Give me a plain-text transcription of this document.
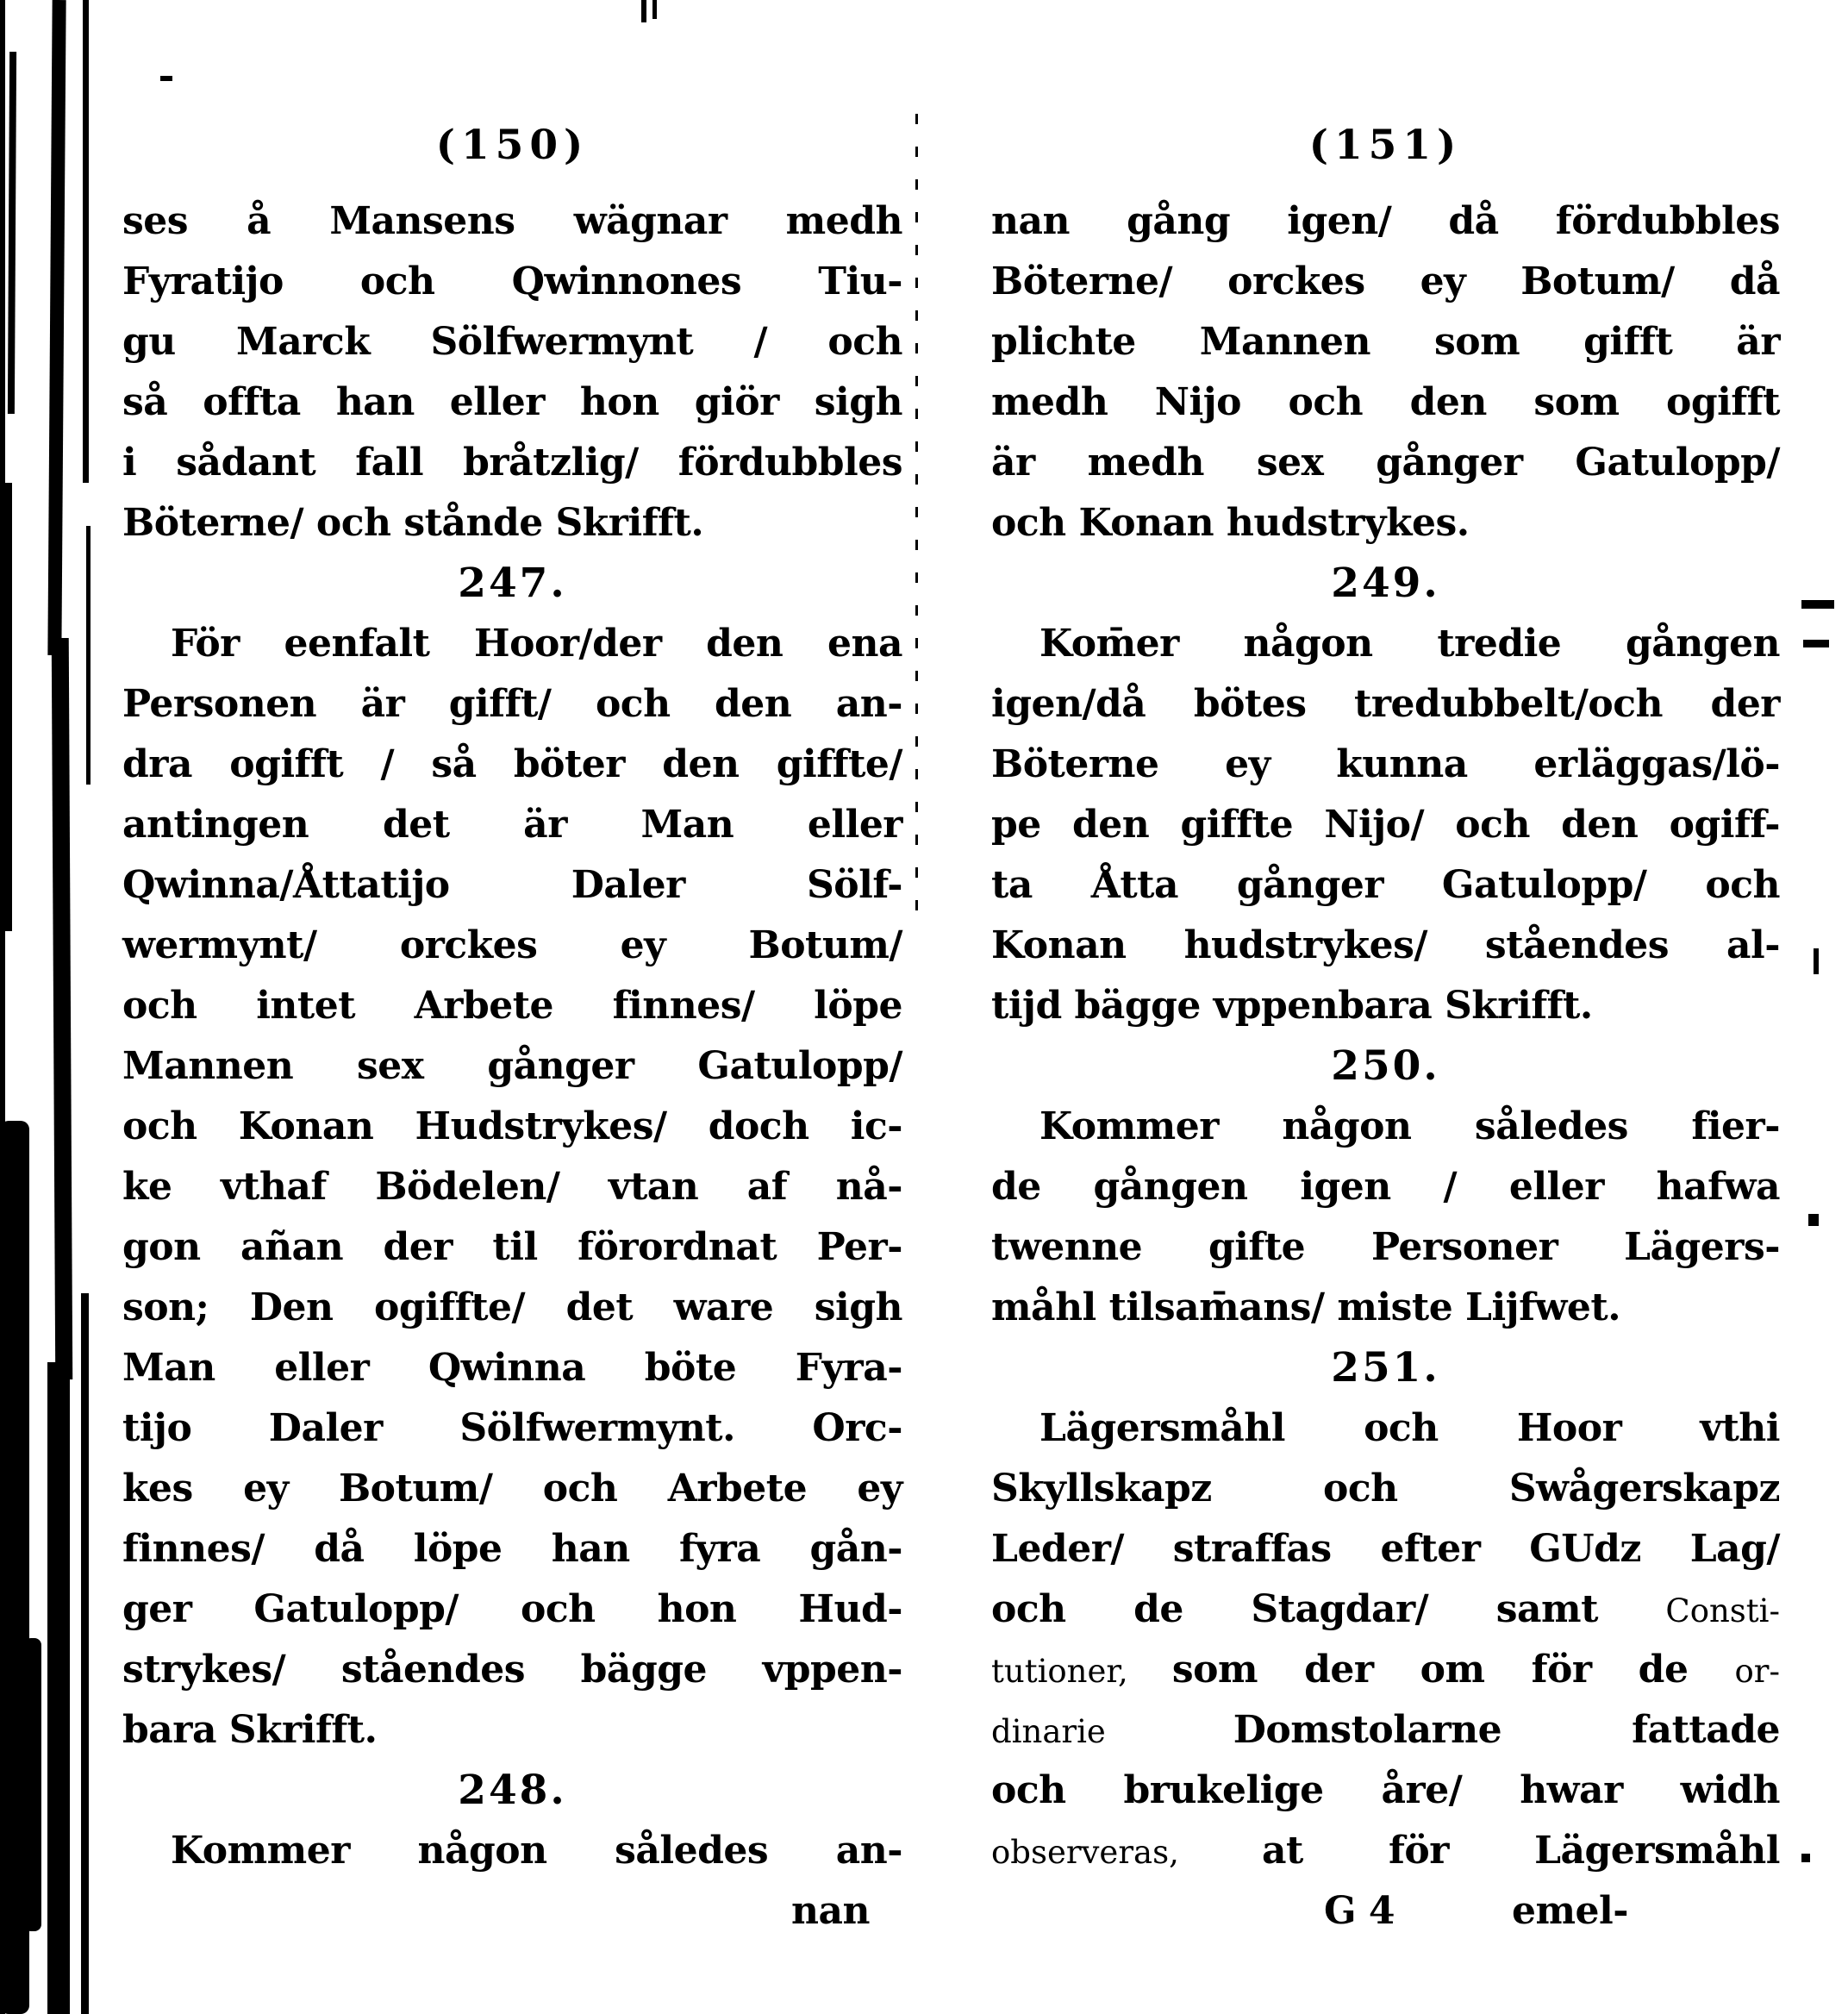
(150)
ses å Mansens wägnar medh
Fyratijo och Qwinnones Tiu-
gu Marck Sölfwermynt / och
så offta han eller hon giör sigh
i sådant fall bråtzlig/ fördubbles
Böterne/ och stånde Skrifft.
247.
För eenfalt Hoor/der den ena
Personen är gifft/ och den an-
dra ogifft / så böter den giffte/
antingen det är Man eller
Qwinna/Åttatijo Daler Sölf-
wermynt/ orckes ey Botum/
och intet Arbete finnes/ löpe
Mannen sex gånger Gatulopp/
och Konan Hudstrykes/ doch ic-
ke vthaf Bödelen/ vtan af nå-
gon añan der til förordnat Per-
son; Den ogiffte/ det ware sigh
Man eller Qwinna böte Fyra-
tijo Daler Sölfwermynt. Orc-
kes ey Botum/ och Arbete ey
finnes/ då löpe han fyra gån-
ger Gatulopp/ och hon Hud-
strykes/ ståendes bägge vppen-
bara Skrifft.
248.
Kommer någon således an-
nan
(151)
nan gång igen/ då fördubbles
Böterne/ orckes ey Botum/ då
plichte Mannen som gifft är
medh Nijo och den som ogifft
är medh sex gånger Gatulopp/
och Konan hudstrykes.
249.
Kom̄er någon tredie gången
igen/då bötes tredubbelt/och der
Böterne ey kunna erläggas/lö-
pe den giffte Nijo/ och den ogiff-
ta Åtta gånger Gatulopp/ och
Konan hudstrykes/ ståendes al-
tijd bägge vppenbara Skrifft.
250.
Kommer någon således fier-
de gången igen / eller hafwa
twenne gifte Personer Lägers-
måhl tilsam̄ans/ miste Lijfwet.
251.
Lägersmåhl och Hoor vthi
Skyllskapz och Swågerskapz
Leder/ straffas efter GUdz Lag/
och de Stagdar/ samt Consti-
tutioner, som der om för de or-
dinarie Domstolarne fattade
och brukelige åre/ hwar widh
observeras, at för Lägersmåhl
G 4	emel-
